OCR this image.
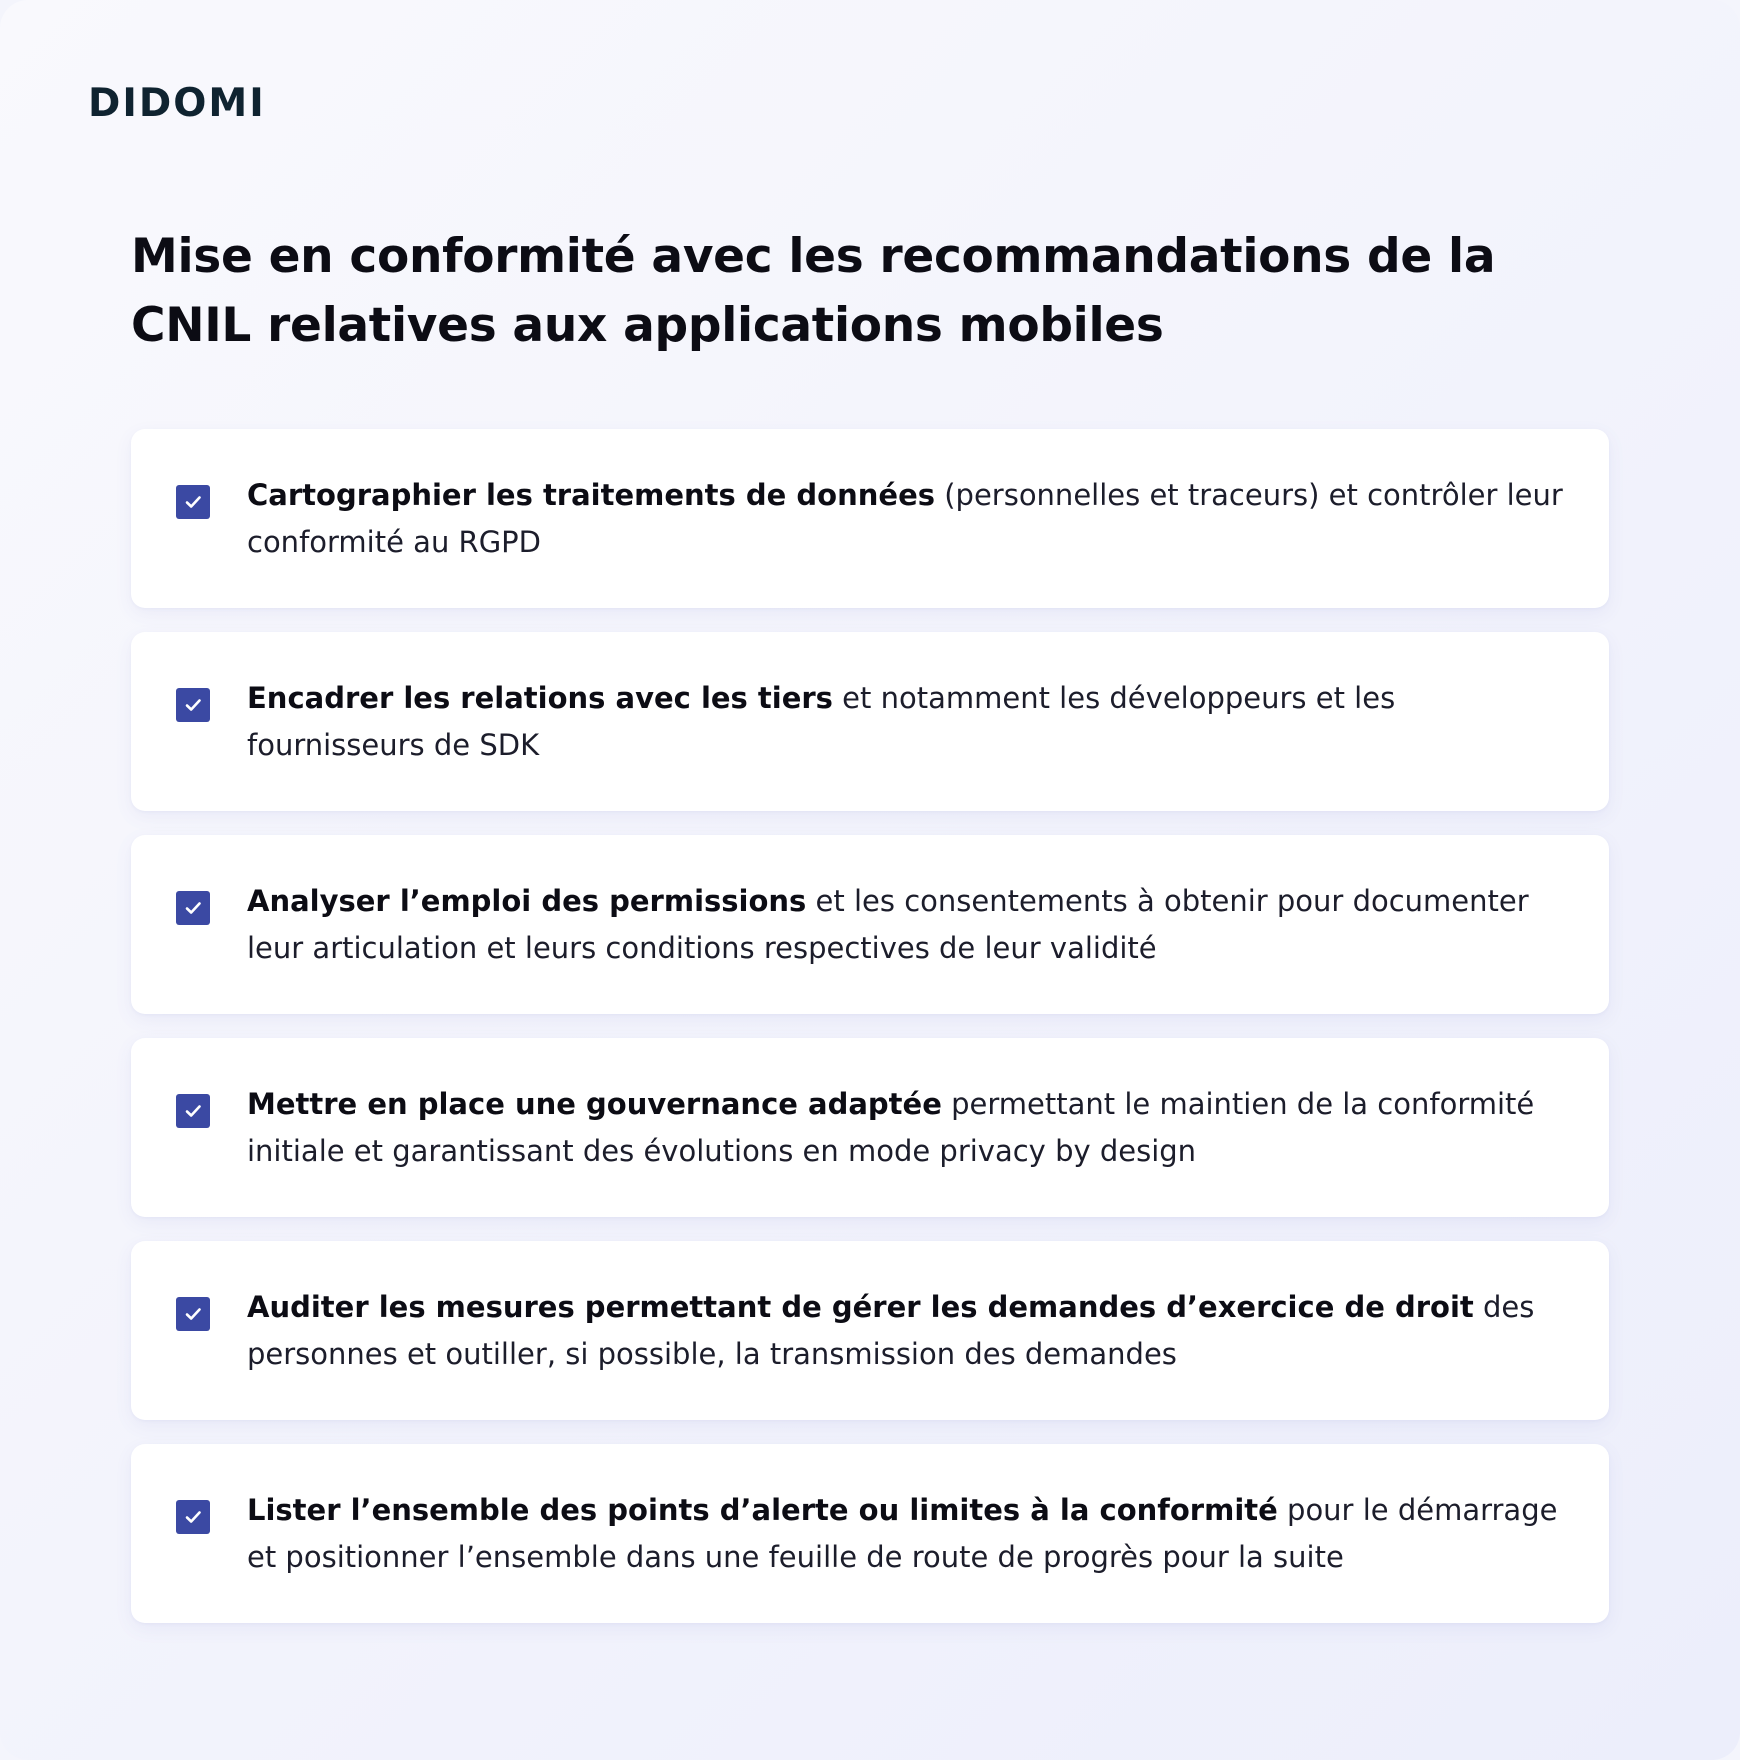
DIDOMI
Mise en conformité avec les recommandations de la CNIL relatives aux applications mobiles

Cartographier les traitements de données (personnelles et traceurs) et contrôler leur conformité au RGPD

Encadrer les relations avec les tiers et notamment les développeurs et les fournisseurs de SDK

Analyser l’emploi des permissions et les consentements à obtenir pour documenter leur articulation et leurs conditions respectives de leur validité

Mettre en place une gouvernance adaptée permettant le maintien de la conformité initiale et garantissant des évolutions en mode privacy by design

Auditer les mesures permettant de gérer les demandes d’exercice de droit des personnes et outiller, si possible, la transmission des demandes

Lister l’ensemble des points d’alerte ou limites à la conformité pour le démarrage et positionner l’ensemble dans une feuille de route de progrès pour la suite
